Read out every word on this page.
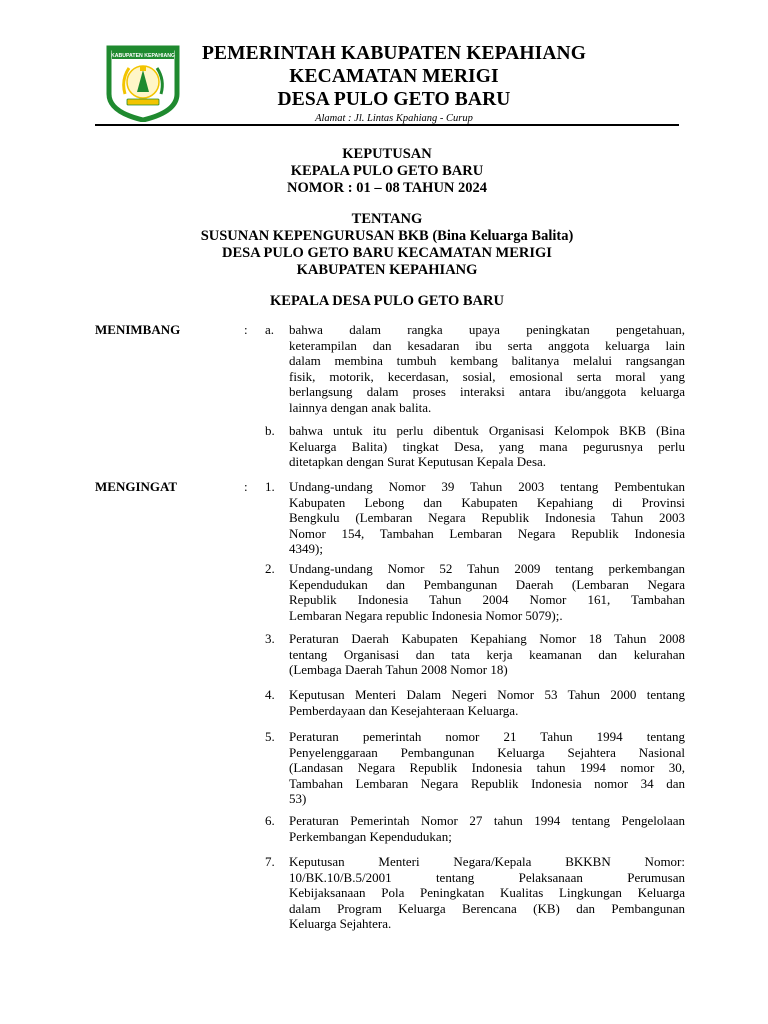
KABUPATEN KEPAHIANG	PEMERINTAH KABUPATEN KEPAHIANG
KECAMATAN MERIGI
DESA PULO GETO BARU
Alamat : Jl. Lintas Kpahiang - Curup
KEPUTUSAN
KEPALA PULO GETO BARU
NOMOR : 01 – 08 TAHUN 2024
TENTANG
SUSUNAN KEPENGURUSAN BKB (Bina Keluarga Balita)
DESA PULO GETO BARU KECAMATAN MERIGI
KABUPATEN KEPAHIANG
KEPALA DESA PULO GETO BARU
MENIMBANG	: a.	bahwa dalam rangka upaya peningkatan pengetahuan,
keterampilan dan kesadaran ibu serta anggota keluarga lain
dalam membina tumbuh kembang balitanya melalui rangsangan
fisik, motorik, kecerdasan, sosial, emosional serta moral yang
berlangsung dalam proses interaksi antara ibu/anggota keluarga
lainnya dengan anak balita.
b.	bahwa untuk itu perlu dibentuk Organisasi Kelompok BKB (Bina
Keluarga Balita) tingkat Desa, yang mana pegurusnya perlu
ditetapkan dengan Surat Keputusan Kepala Desa.
MENGINGAT	: 1.	Undang-undang Nomor 39 Tahun 2003 tentang Pembentukan
Kabupaten Lebong dan Kabupaten Kepahiang di Provinsi
Bengkulu (Lembaran Negara Republik Indonesia Tahun 2003
Nomor 154, Tambahan Lembaran Negara Republik Indonesia
4349);
2.	Undang-undang Nomor 52 Tahun 2009 tentang perkembangan
Kependudukan dan Pembangunan Daerah (Lembaran Negara
Republik Indonesia Tahun 2004 Nomor 161, Tambahan
Lembaran Negara republic Indonesia Nomor 5079);.
3.	Peraturan Daerah Kabupaten Kepahiang Nomor 18 Tahun 2008
tentang Organisasi dan tata kerja keamanan dan kelurahan
(Lembaga Daerah Tahun 2008 Nomor 18)
4.	Keputusan Menteri Dalam Negeri Nomor 53 Tahun 2000 tentang
Pemberdayaan dan Kesejahteraan Keluarga.
5.	Peraturan pemerintah nomor 21 Tahun 1994 tentang
Penyelenggaraan Pembangunan Keluarga Sejahtera Nasional
(Landasan Negara Republik Indonesia tahun 1994 nomor 30,
Tambahan Lembaran Negara Republik Indonesia nomor 34 dan
53)
6.	Peraturan Pemerintah Nomor 27 tahun 1994 tentang Pengelolaan
Perkembangan Kependudukan;
7.	Keputusan Menteri Negara/Kepala BKKBN Nomor:
10/BK.10/B.5/2001 tentang Pelaksanaan Perumusan
Kebijaksanaan Pola Peningkatan Kualitas Lingkungan Keluarga
dalam Program Keluarga Berencana (KB) dan Pembangunan
Keluarga Sejahtera.
